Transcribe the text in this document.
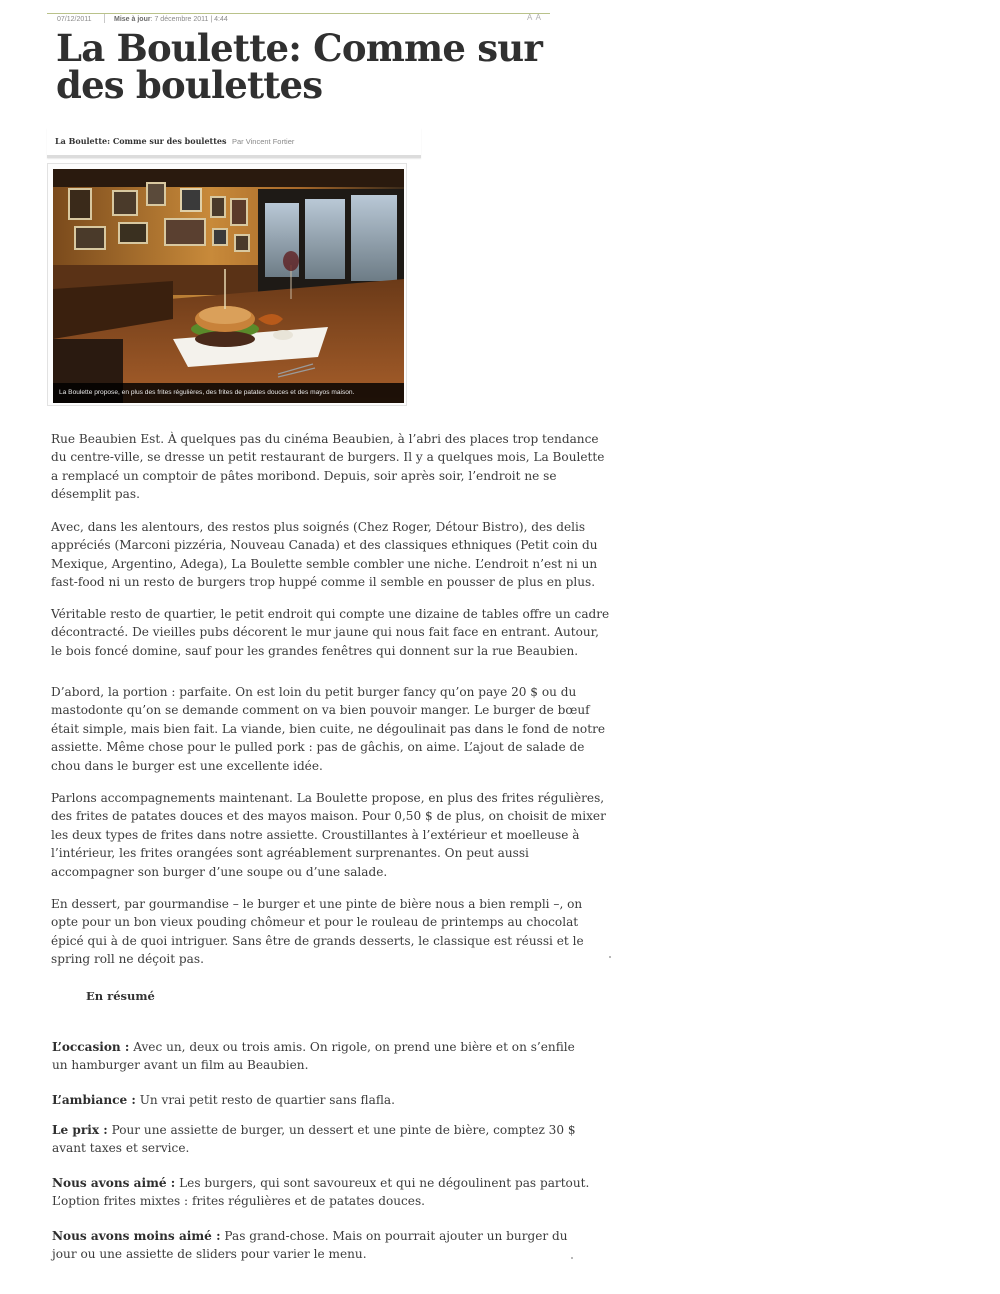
07/12/2011	Mise à jour: 7 décembre 2011 | 4:44	A A
La Boulette: Comme sur des boulettes
La Boulette: Comme sur des boulettes Par Vincent Fortier
La Boulette propose, en plus des frites régulières, des frites de patates douces et des mayos maison.

Rue Beaubien Est. À quelques pas du cinéma Beaubien, à l’abri des places trop tendance du centre-ville, se dresse un petit restaurant de burgers. Il y a quelques mois, La Boulette a remplacé un comptoir de pâtes moribond. Depuis, soir après soir, l’endroit ne se désemplit pas.

Avec, dans les alentours, des restos plus soignés (Chez Roger, Détour Bistro), des delis appréciés (Marconi pizzéria, Nouveau Canada) et des classiques ethniques (Petit coin du Mexique, Argentino, Adega), La Boulette semble combler une niche. L’endroit n’est ni un fast-food ni un resto de burgers trop huppé comme il semble en pousser de plus en plus.

Véritable resto de quartier, le petit endroit qui compte une dizaine de tables offre un cadre décontracté. De vieilles pubs décorent le mur jaune qui nous fait face en entrant. Autour, le bois foncé domine, sauf pour les grandes fenêtres qui donnent sur la rue Beaubien.

D’abord, la portion : parfaite. On est loin du petit burger fancy qu’on paye 20 $ ou du mastodonte qu’on se demande comment on va bien pouvoir manger. Le burger de bœuf était simple, mais bien fait. La viande, bien cuite, ne dégoulinait pas dans le fond de notre assiette. Même chose pour le pulled pork : pas de gâchis, on aime. L’ajout de salade de chou dans le burger est une excellente idée.

Parlons accompagnements maintenant. La Boulette propose, en plus des frites régulières, des frites de patates douces et des mayos maison. Pour 0,50 $ de plus, on choisit de mixer les deux types de frites dans notre assiette. Croustillantes à l’extérieur et moelleuse à l’intérieur, les frites orangées sont agréablement surprenantes. On peut aussi accompagner son burger d’une soupe ou d’une salade.

En dessert, par gourmandise – le burger et une pinte de bière nous a bien rempli –, on opte pour un bon vieux pouding chômeur et pour le rouleau de printemps au chocolat épicé qui à de quoi intriguer. Sans être de grands desserts, le classique est réussi et le spring roll ne déçoit pas.

En résumé
L’occasion : Avec un, deux ou trois amis. On rigole, on prend une bière et on s’enfile un hamburger avant un film au Beaubien.
L’ambiance : Un vrai petit resto de quartier sans flafla.
Le prix : Pour une assiette de burger, un dessert et une pinte de bière, comptez 30 $ avant taxes et service.
Nous avons aimé : Les burgers, qui sont savoureux et qui ne dégoulinent pas partout. L’option frites mixtes : frites régulières et de patates douces.
Nous avons moins aimé : Pas grand-chose. Mais on pourrait ajouter un burger du jour ou une assiette de sliders pour varier le menu.
